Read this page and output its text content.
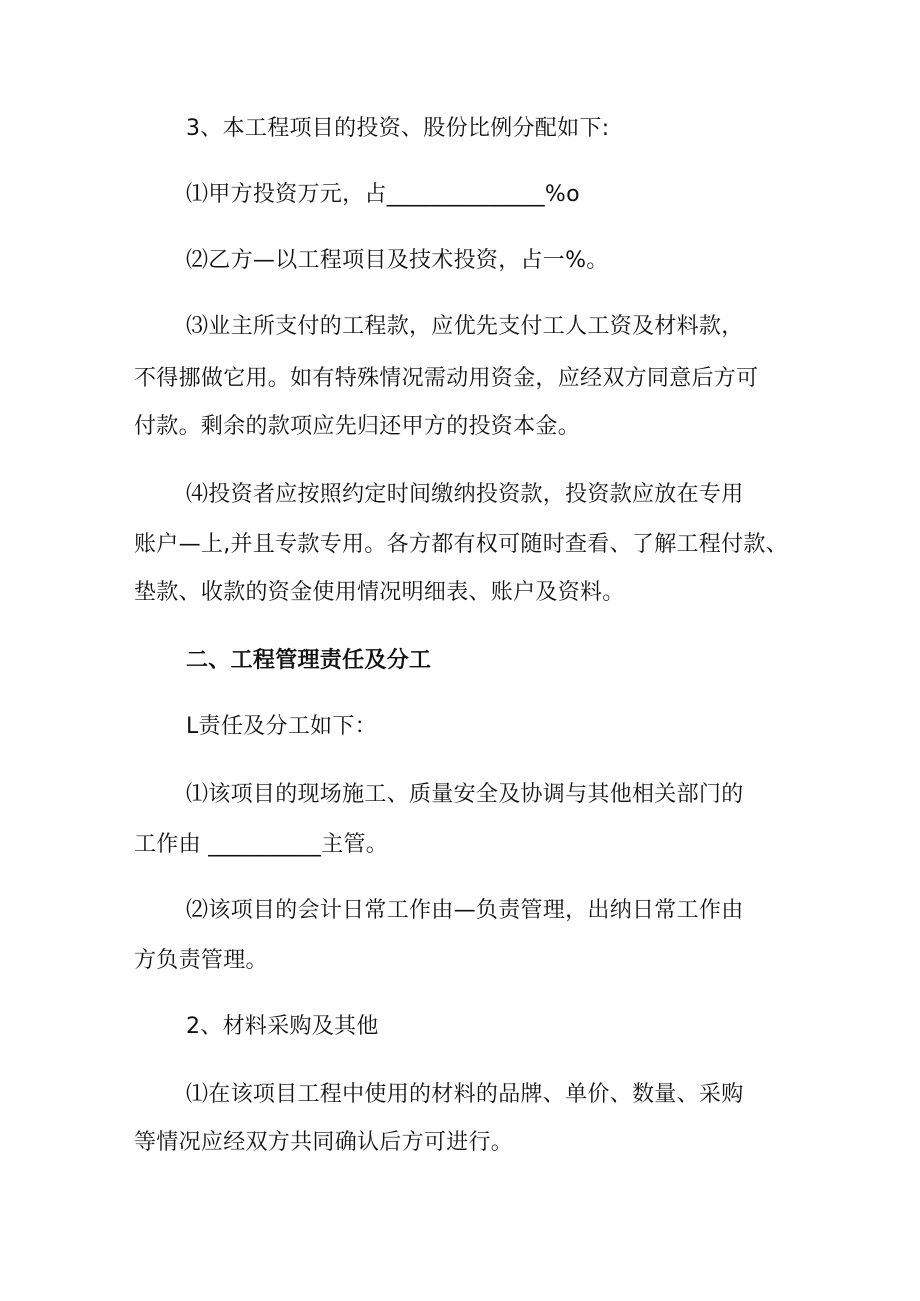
3、本工程项目的投资、股份比例分配如下:
⑴甲方投资万元，占______________%o
⑵乙方—以工程项目及技术投资，占一%。
⑶业主所支付的工程款，应优先支付工人工资及材料款，
不得挪做它用。如有特殊情况需动用资金，应经双方同意后方可
付款。剩余的款项应先归还甲方的投资本金。
⑷投资者应按照约定时间缴纳投资款，投资款应放在专用
账户—上,并且专款专用。各方都有权可随时查看、了解工程付款、
垫款、收款的资金使用情况明细表、账户及资料。
二、工程管理责任及分工
L责任及分工如下：
⑴该项目的现场施工、质量安全及协调与其他相关部门的
工作由 __________主管。
⑵该项目的会计日常工作由—负责管理，出纳日常工作由
方负责管理。
2、材料采购及其他
⑴在该项目工程中使用的材料的品牌、单价、数量、采购
等情况应经双方共同确认后方可进行。
